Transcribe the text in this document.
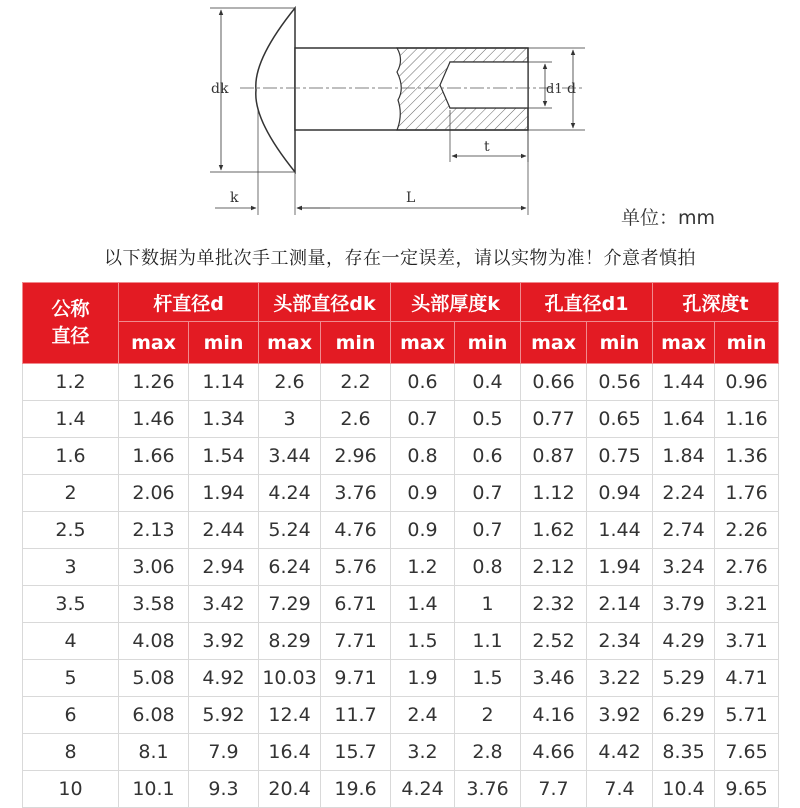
dk	d1 d
t
k	L
单位：mm
以下数据为单批次手工测量，存在一定误差，请以实物为准！介意者慎拍
公称
直径	杆直径d		头部直径dk		头部厚度k		孔直径d1		孔深度t	
	max	min	max	min	max	min	max	min	max	min
1.2	1.26	1.14	2.6	2.2	0.6	0.4	0.66	0.56	1.44	0.96
1.4	1.46	1.34	3	2.6	0.7	0.5	0.77	0.65	1.64	1.16
1.6	1.66	1.54	3.44	2.96	0.8	0.6	0.87	0.75	1.84	1.36
2	2.06	1.94	4.24	3.76	0.9	0.7	1.12	0.94	2.24	1.76
2.5	2.13	2.44	5.24	4.76	0.9	0.7	1.62	1.44	2.74	2.26
3	3.06	2.94	6.24	5.76	1.2	0.8	2.12	1.94	3.24	2.76
3.5	3.58	3.42	7.29	6.71	1.4	1	2.32	2.14	3.79	3.21
4	4.08	3.92	8.29	7.71	1.5	1.1	2.52	2.34	4.29	3.71
5	5.08	4.92	10.03	9.71	1.9	1.5	3.46	3.22	5.29	4.71
6	6.08	5.92	12.4	11.7	2.4	2	4.16	3.92	6.29	5.71
8	8.1	7.9	16.4	15.7	3.2	2.8	4.66	4.42	8.35	7.65
10	10.1	9.3	20.4	19.6	4.24	3.76	7.7	7.4	10.4	9.65
